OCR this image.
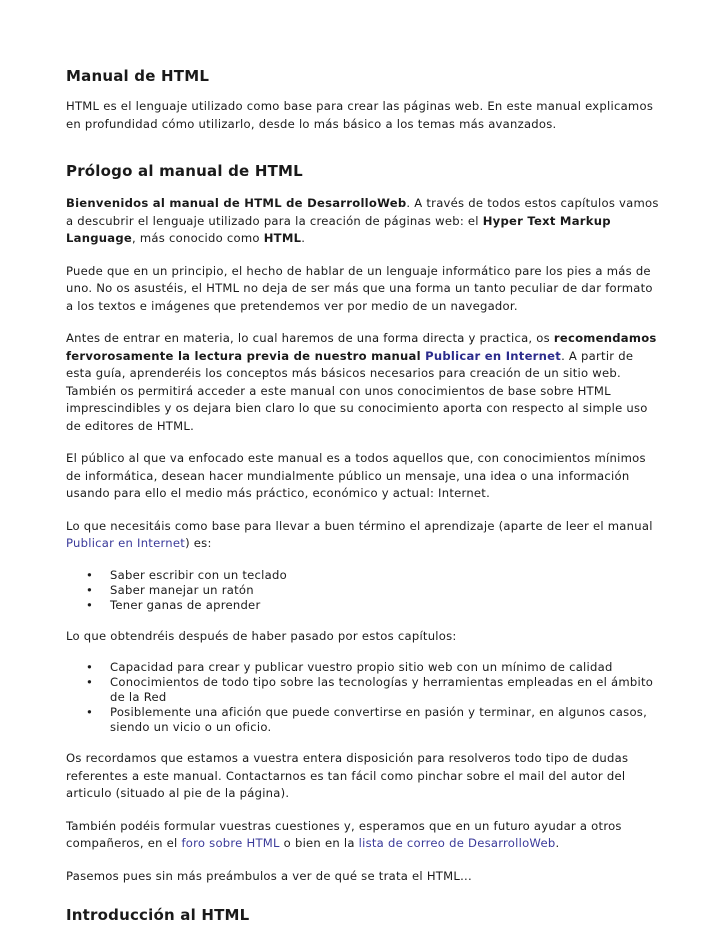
Manual de HTML

HTML es el lenguaje utilizado como base para crear las páginas web. En este manual explicamos en profundidad cómo utilizarlo, desde lo más básico a los temas más avanzados.

Prólogo al manual de HTML

Bienvenidos al manual de HTML de DesarrolloWeb. A través de todos estos capítulos vamos a descubrir el lenguaje utilizado para la creación de páginas web: el Hyper Text Markup Language, más conocido como HTML.

Puede que en un principio, el hecho de hablar de un lenguaje informático pare los pies a más de uno. No os asustéis, el HTML no deja de ser más que una forma un tanto peculiar de dar formato a los textos e imágenes que pretendemos ver por medio de un navegador.

Antes de entrar en materia, lo cual haremos de una forma directa y practica, os recomendamos fervorosamente la lectura previa de nuestro manual Publicar en Internet. A partir de esta guía, aprenderéis los conceptos más básicos necesarios para creación de un sitio web. También os permitirá acceder a este manual con unos conocimientos de base sobre HTML imprescindibles y os dejara bien claro lo que su conocimiento aporta con respecto al simple uso de editores de HTML.

El público al que va enfocado este manual es a todos aquellos que, con conocimientos mínimos de informática, desean hacer mundialmente público un mensaje, una idea o una información usando para ello el medio más práctico, económico y actual: Internet.

Lo que necesitáis como base para llevar a buen término el aprendizaje (aparte de leer el manual Publicar en Internet) es:

• Saber escribir con un teclado
• Saber manejar un ratón
• Tener ganas de aprender

Lo que obtendréis después de haber pasado por estos capítulos:

• Capacidad para crear y publicar vuestro propio sitio web con un mínimo de calidad
• Conocimientos de todo tipo sobre las tecnologías y herramientas empleadas en el ámbito de la Red
• Posiblemente una afición que puede convertirse en pasión y terminar, en algunos casos, siendo un vicio o un oficio.

Os recordamos que estamos a vuestra entera disposición para resolveros todo tipo de dudas referentes a este manual. Contactarnos es tan fácil como pinchar sobre el mail del autor del articulo (situado al pie de la página).

También podéis formular vuestras cuestiones y, esperamos que en un futuro ayudar a otros compañeros, en el foro sobre HTML o bien en la lista de correo de DesarrolloWeb.

Pasemos pues sin más preámbulos a ver de qué se trata el HTML...

Introducción al HTML
